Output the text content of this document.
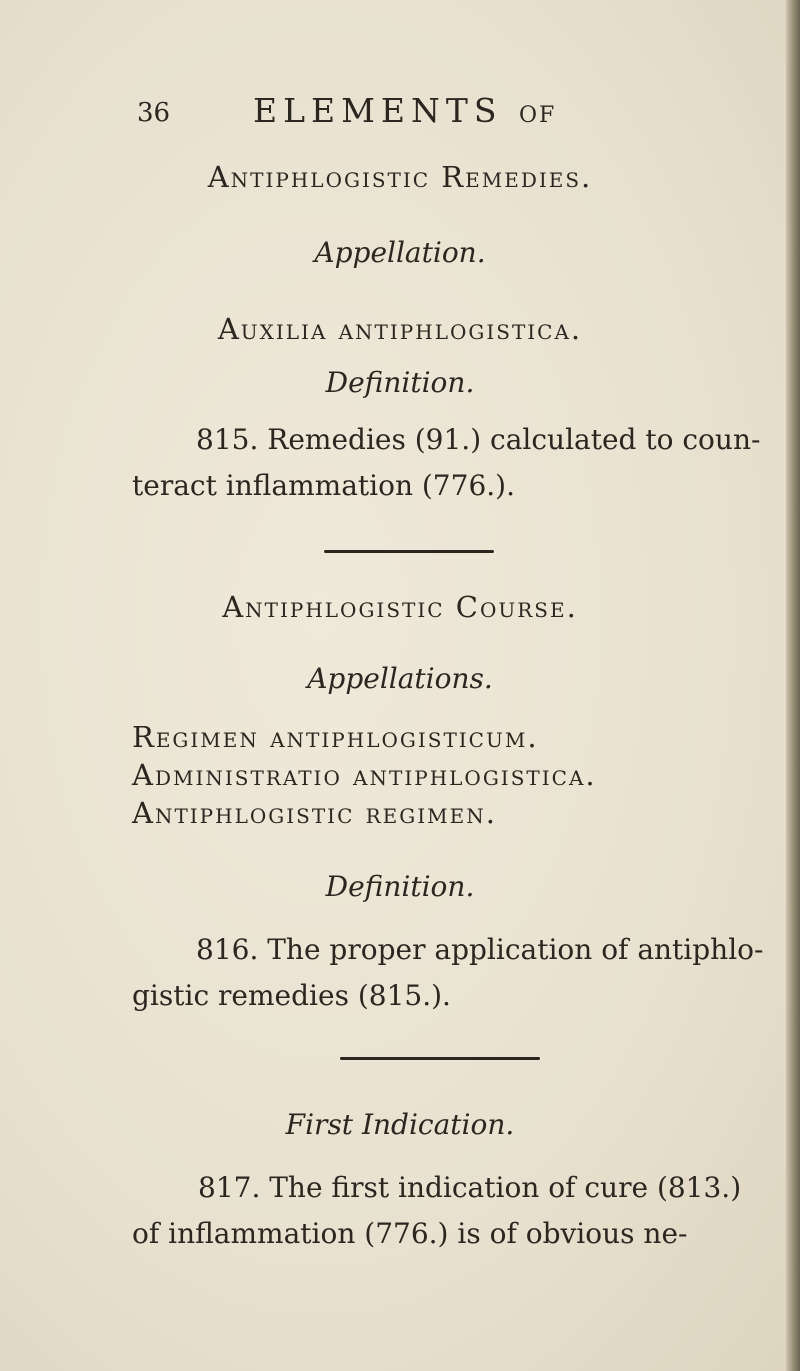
36	ELEMENTS OF
Antiphlogistic Remedies.
Appellation.
Auxilia antiphlogistica.
Definition.
815. Remedies (91.) calculated to coun-
teract inflammation (776.).
Antiphlogistic Course.
Appellations.
Regimen antiphlogisticum.
Administratio antiphlogistica.
Antiphlogistic regimen.
Definition.
816. The proper application of antiphlo-
gistic remedies (815.).
First Indication.
817. The first indication of cure (813.)
of inflammation (776.) is of obvious ne-
